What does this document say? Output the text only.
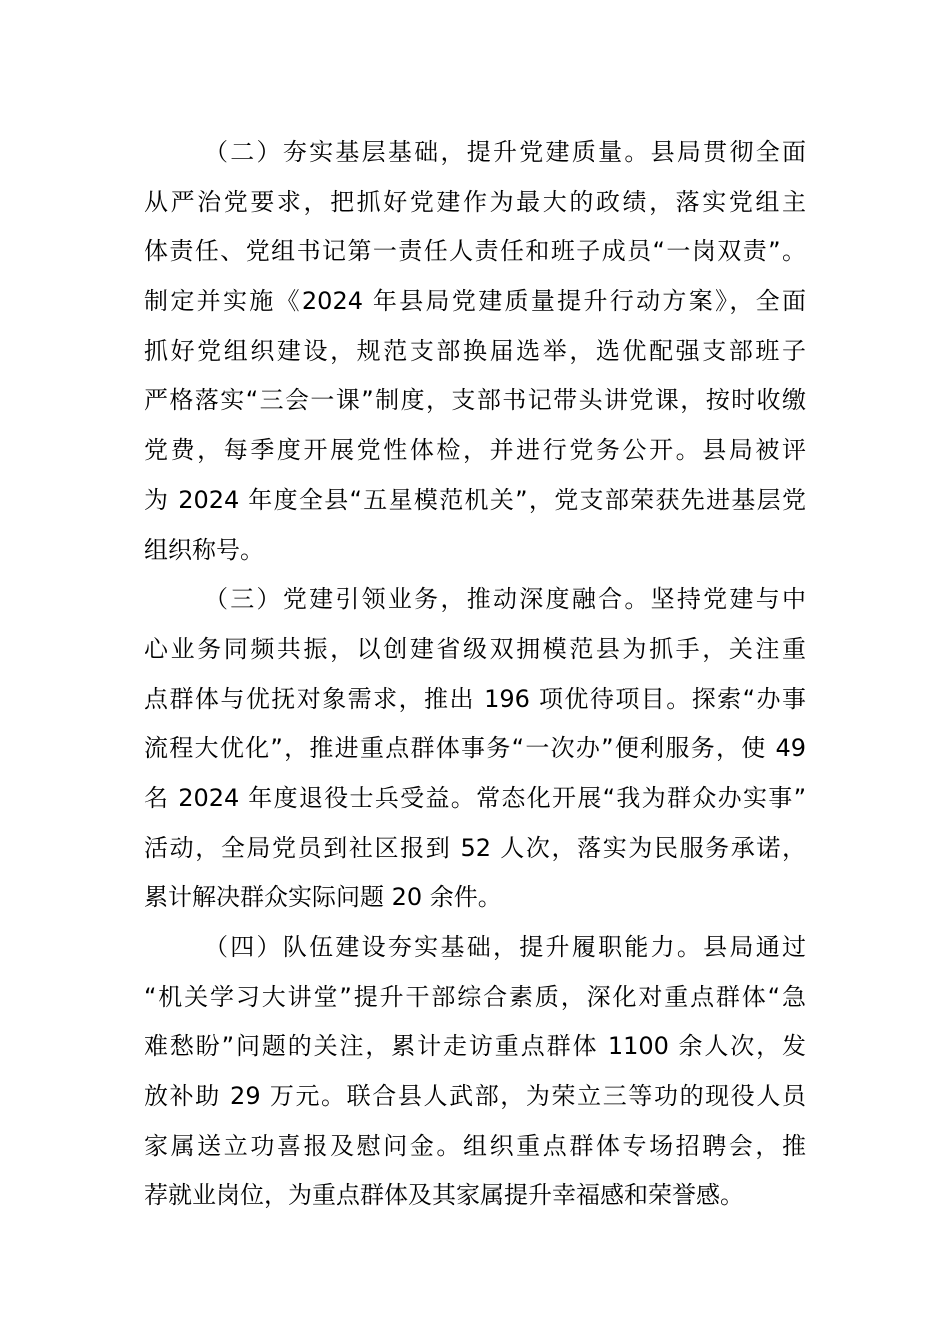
（二）夯实基层基础，提升党建质量。县局贯彻全面
从严治党要求，把抓好党建作为最大的政绩，落实党组主
体责任、党组书记第一责任人责任和班子成员“一岗双责”。
制定并实施《2024 年县局党建质量提升行动方案》，全面
抓好党组织建设，规范支部换届选举，选优配强支部班子
严格落实“三会一课”制度，支部书记带头讲党课，按时收缴
党费，每季度开展党性体检，并进行党务公开。县局被评
为 2024 年度全县“五星模范机关”，党支部荣获先进基层党
组织称号。
（三）党建引领业务，推动深度融合。坚持党建与中
心业务同频共振，以创建省级双拥模范县为抓手，关注重
点群体与优抚对象需求，推出 196 项优待项目。探索“办事
流程大优化”，推进重点群体事务“一次办”便利服务，使 49
名 2024 年度退役士兵受益。常态化开展“我为群众办实事”
活动，全局党员到社区报到 52 人次，落实为民服务承诺，
累计解决群众实际问题 20 余件。
（四）队伍建设夯实基础，提升履职能力。县局通过
“机关学习大讲堂”提升干部综合素质，深化对重点群体“急
难愁盼”问题的关注，累计走访重点群体 1100 余人次，发
放补助 29 万元。联合县人武部，为荣立三等功的现役人员
家属送立功喜报及慰问金。组织重点群体专场招聘会，推
荐就业岗位，为重点群体及其家属提升幸福感和荣誉感。
